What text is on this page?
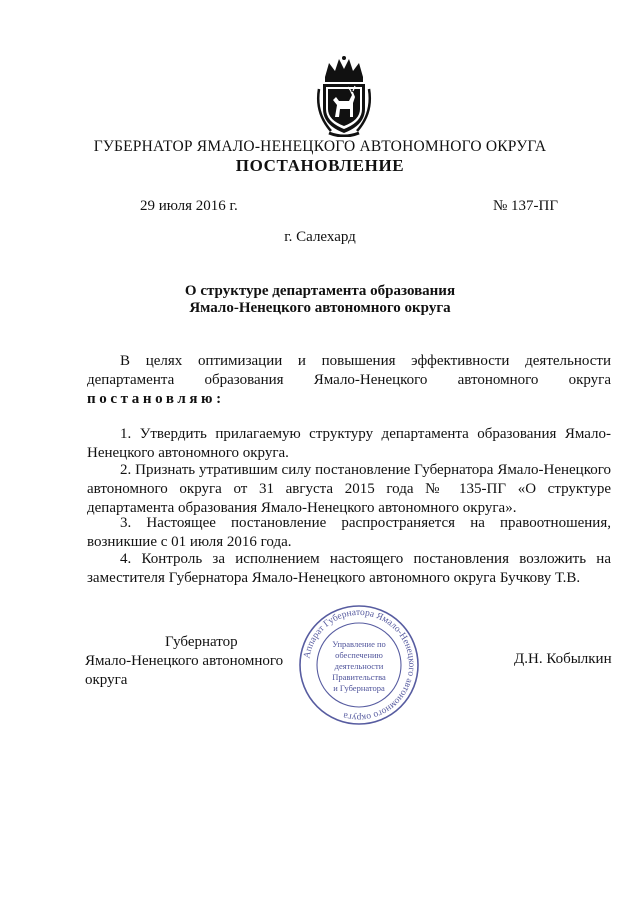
ГУБЕРНАТОР ЯМАЛО-НЕНЕЦКОГО АВТОНОМНОГО ОКРУГА
ПОСТАНОВЛЕНИЕ
29 июля 2016 г.	№ 137-ПГ
г. Салехард
О структуре департамента образования
Ямало-Ненецкого автономного округа
В целях оптимизации и повышения эффективности деятельности
департамента образования Ямало-Ненецкого автономного округа
постановляю:
1. Утвердить прилагаемую структуру департамента образования Ямало-
Ненецкого автономного округа.
2. Признать утратившим силу постановление Губернатора Ямало-Ненецкого
автономного округа от 31 августа 2015 года № 135-ПГ «О структуре департамента образования Ямало-Ненецкого автономного округа».
3. Настоящее постановление распространяется на правоотношения,
возникшие с 01 июля 2016 года.
4. Контроль за исполнением настоящего постановления возложить на
заместителя Губернатора Ямало-Ненецкого автономного округа Бучкову Т.В.
Губернатор
Ямало-Ненецкого автономного округа
Д.Н. Кобылкин
Аппарат Губернатора Ямало-Ненецкого автономного округа
Управление по
обеспечению
деятельности
Правительства
и Губернатора
